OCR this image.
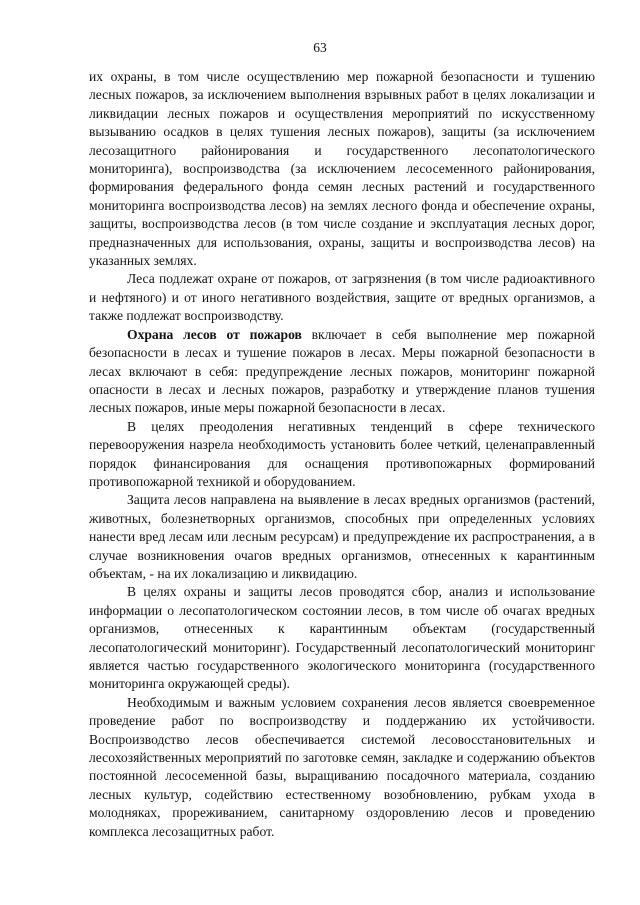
63

их охраны, в том числе осуществлению мер пожарной безопасности и тушению лесных пожаров, за исключением выполнения взрывных работ в целях локализации и ликвидации лесных пожаров и осуществления мероприятий по искусственному вызыванию осадков в целях тушения лесных пожаров), защиты (за исключением лесозащитного районирования и государственного лесопатологического мониторинга), воспроизводства (за исключением лесосеменного районирования, формирования федерального фонда семян лесных растений и государственного мониторинга воспроизводства лесов) на землях лесного фонда и обеспечение охраны, защиты, воспроизводства лесов (в том числе создание и эксплуатация лесных дорог, предназначенных для использования, охраны, защиты и воспроизводства лесов) на указанных землях.

Леса подлежат охране от пожаров, от загрязнения (в том числе радиоактивного и нефтяного) и от иного негативного воздействия, защите от вредных организмов, а также подлежат воспроизводству.

Охрана лесов от пожаров включает в себя выполнение мер пожарной безопасности в лесах и тушение пожаров в лесах. Меры пожарной безопасности в лесах включают в себя: предупреждение лесных пожаров, мониторинг пожарной опасности в лесах и лесных пожаров, разработку и утверждение планов тушения лесных пожаров, иные меры пожарной безопасности в лесах.

В целях преодоления негативных тенденций в сфере технического перевооружения назрела необходимость установить более четкий, целенаправленный порядок финансирования для оснащения противопожарных формирований противопожарной техникой и оборудованием.

Защита лесов направлена на выявление в лесах вредных организмов (растений, животных, болезнетворных организмов, способных при определенных условиях нанести вред лесам или лесным ресурсам) и предупреждение их распространения, а в случае возникновения очагов вредных организмов, отнесенных к карантинным объектам, - на их локализацию и ликвидацию.

В целях охраны и защиты лесов проводятся сбор, анализ и использование информации о лесопатологическом состоянии лесов, в том числе об очагах вредных организмов, отнесенных к карантинным объектам (государственный лесопатологический мониторинг). Государственный лесопатологический мониторинг является частью государственного экологического мониторинга (государственного мониторинга окружающей среды).

Необходимым и важным условием сохранения лесов является своевременное проведение работ по воспроизводству и поддержанию их устойчивости. Воспроизводство лесов обеспечивается системой лесовосстановительных и лесохозяйственных мероприятий по заготовке семян, закладке и содержанию объектов постоянной лесосеменной базы, выращиванию посадочного материала, созданию лесных культур, содействию естественному возобновлению, рубкам ухода в молодняках, прореживанием, санитарному оздоровлению лесов и проведению комплекса лесозащитных работ.
